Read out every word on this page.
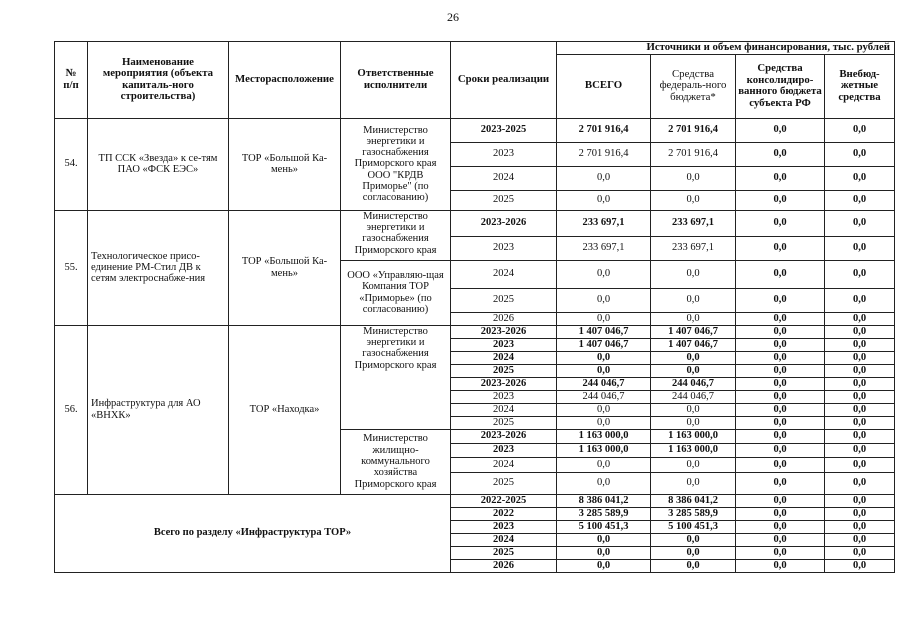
26
№
п/п	Наименование мероприятия (объекта капиталь-ного строительства)	Месторасположение	Ответственные исполнители	Сроки реализации	Источники и объем финансирования, тыс. рублей			
					ВСЕГО	Средства федераль-ного бюджета*	Средства консолидиро-ванного бюджета субъекта РФ	Внебюд-жетные средства
54.	ТП ССК «Звезда» к се-тям ПАО «ФСК ЕЭС»	ТОР «Большой Ка-мень»	Министерство энергетики и газоснабжения Приморского края ООО "КРДВ Приморье" (по согласованию)	2023-2025	2 701 916,4	2 701 916,4	0,0	0,0
				2023	2 701 916,4	2 701 916,4	0,0	0,0
				2024	0,0	0,0	0,0	0,0
				2025	0,0	0,0	0,0	0,0
55.	Технологическое присо-единение РМ-Стил ДВ к сетям электроснабже-ния	ТОР «Большой Ка-мень»	Министерство энергетики и газоснабжения Приморского края	2023-2026	233 697,1	233 697,1	0,0	0,0
				2023	233 697,1	233 697,1	0,0	0,0
			ООО «Управляю-щая Компания ТОР «Приморье» (по согласованию)	2024	0,0	0,0	0,0	0,0
				2025	0,0	0,0	0,0	0,0
				2026	0,0	0,0	0,0	0,0
56.	Инфраструктура для АО «ВНХК»	ТОР «Находка»	Министерство энергетики и газоснабжения Приморского края	2023-2026	1 407 046,7	1 407 046,7	0,0	0,0
				2023	1 407 046,7	1 407 046,7	0,0	0,0
				2024	0,0	0,0	0,0	0,0
				2025	0,0	0,0	0,0	0,0
				2023-2026	244 046,7	244 046,7	0,0	0,0
				2023	244 046,7	244 046,7	0,0	0,0
				2024	0,0	0,0	0,0	0,0
				2025	0,0	0,0	0,0	0,0
			Министерство жилищно-коммунального хозяйства Приморского края	2023-2026	1 163 000,0	1 163 000,0	0,0	0,0
				2023	1 163 000,0	1 163 000,0	0,0	0,0
				2024	0,0	0,0	0,0	0,0
				2025	0,0	0,0	0,0	0,0
Всего по разделу «Инфраструктура ТОР»				2022-2025	8 386 041,2	8 386 041,2	0,0	0,0
				2022	3 285 589,9	3 285 589,9	0,0	0,0
				2023	5 100 451,3	5 100 451,3	0,0	0,0
				2024	0,0	0,0	0,0	0,0
				2025	0,0	0,0	0,0	0,0
				2026	0,0	0,0	0,0	0,0
